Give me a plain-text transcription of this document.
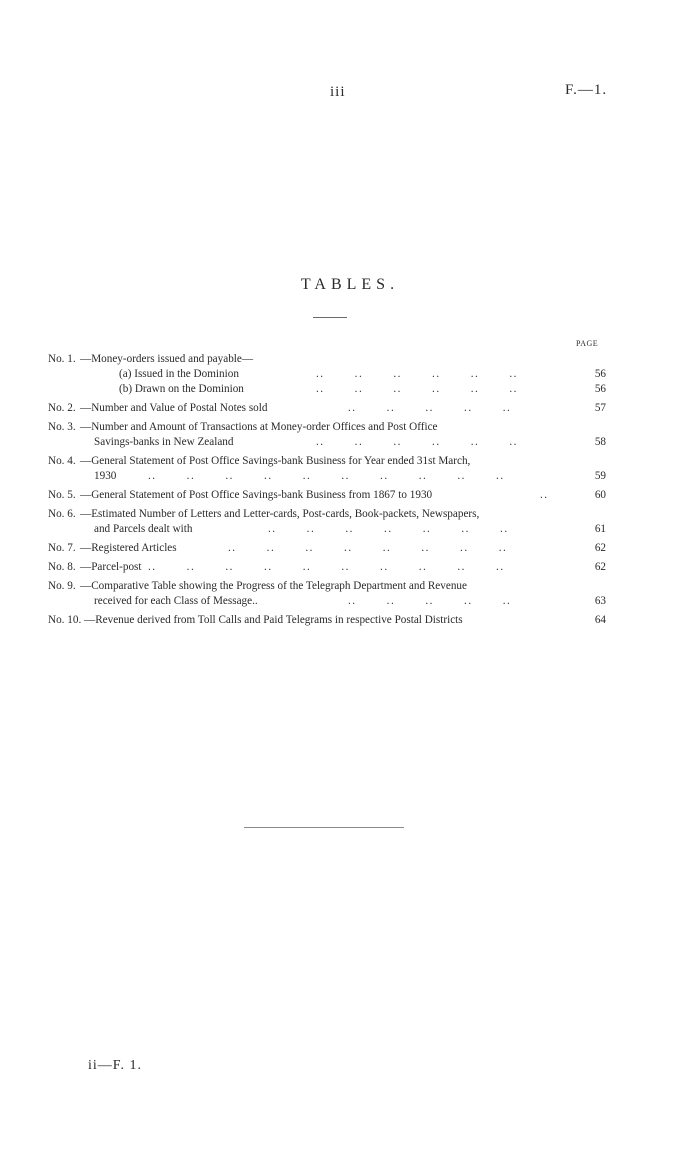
iii	F.—1.
TABLES.
PAGE
No. 1. —Money-orders issued and payable—
(a) Issued in the Dominion	..       ..       ..       ..       ..       ..	56
(b) Drawn on the Dominion	..       ..       ..       ..       ..       ..	56
No. 2. —Number and Value of Postal Notes sold	..       ..       ..       ..       ..	57
No. 3. —Number and Amount of Transactions at Money-order Offices and Post Office
Savings-banks in New Zealand	..       ..       ..       ..       ..       ..	58
No. 4. —General Statement of Post Office Savings-bank Business for Year ended 31st March,
1930	..       ..       ..       ..       ..       ..       ..       ..       ..       ..	59
No. 5. —General Statement of Post Office Savings-bank Business from 1867 to 1930	..	60
No. 6. —Estimated Number of Letters and Letter-cards, Post-cards, Book-packets, Newspapers,
and Parcels dealt with	..       ..       ..       ..       ..       ..       ..	61
No. 7. —Registered Articles	..       ..       ..       ..       ..       ..       ..       ..	62
No. 8. —Parcel-post ..       ..       ..       ..       ..       ..       ..       ..       ..       ..	62
No. 9. —Comparative Table showing the Progress of the Telegraph Department and Revenue
received for each Class of Message..	..       ..       ..       ..       ..	63
No. 10. —Revenue derived from Toll Calls and Paid Telegrams in respective Postal Districts	64
ii—F. 1.
